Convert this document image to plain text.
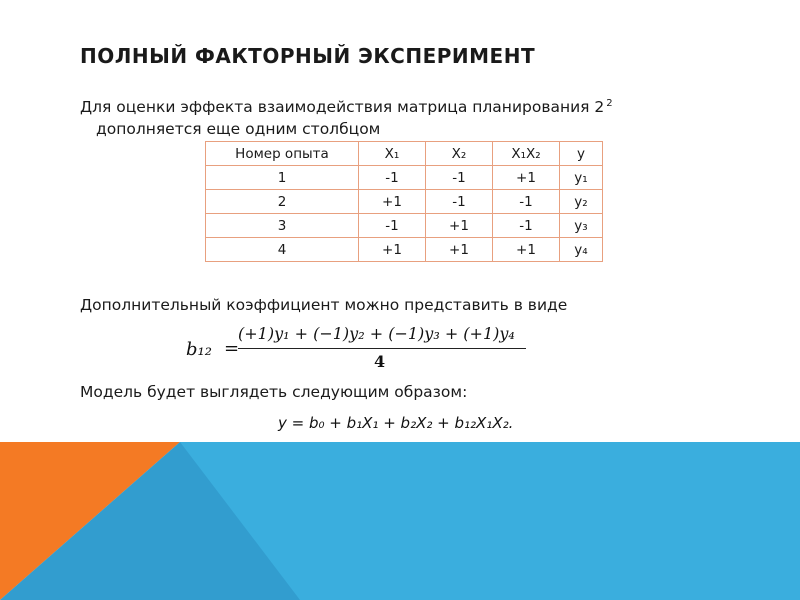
ПОЛНЫЙ ФАКТОРНЫЙ ЭКСПЕРИМЕНТ
Для оценки эффекта взаимодействия матрица планирования 2 $^2$
дополняется еще одним столбцом
Номер опыта	X₁	X₂	X₁X₂	y
1	-1	-1	+1	y₁
2	+1	-1	-1	y₂
3	-1	+1	-1	y₃
4	+1	+1	+1	y₄
Дополнительный коэффициент можно представить в виде
b₁₂ =
(+1)y₁ + (−1)y₂ + (−1)y₃ + (+1)y₄
4
Модель будет выглядеть следующим образом:
y = b₀ + b₁X₁ + b₂X₂ + b₁₂X₁X₂.
